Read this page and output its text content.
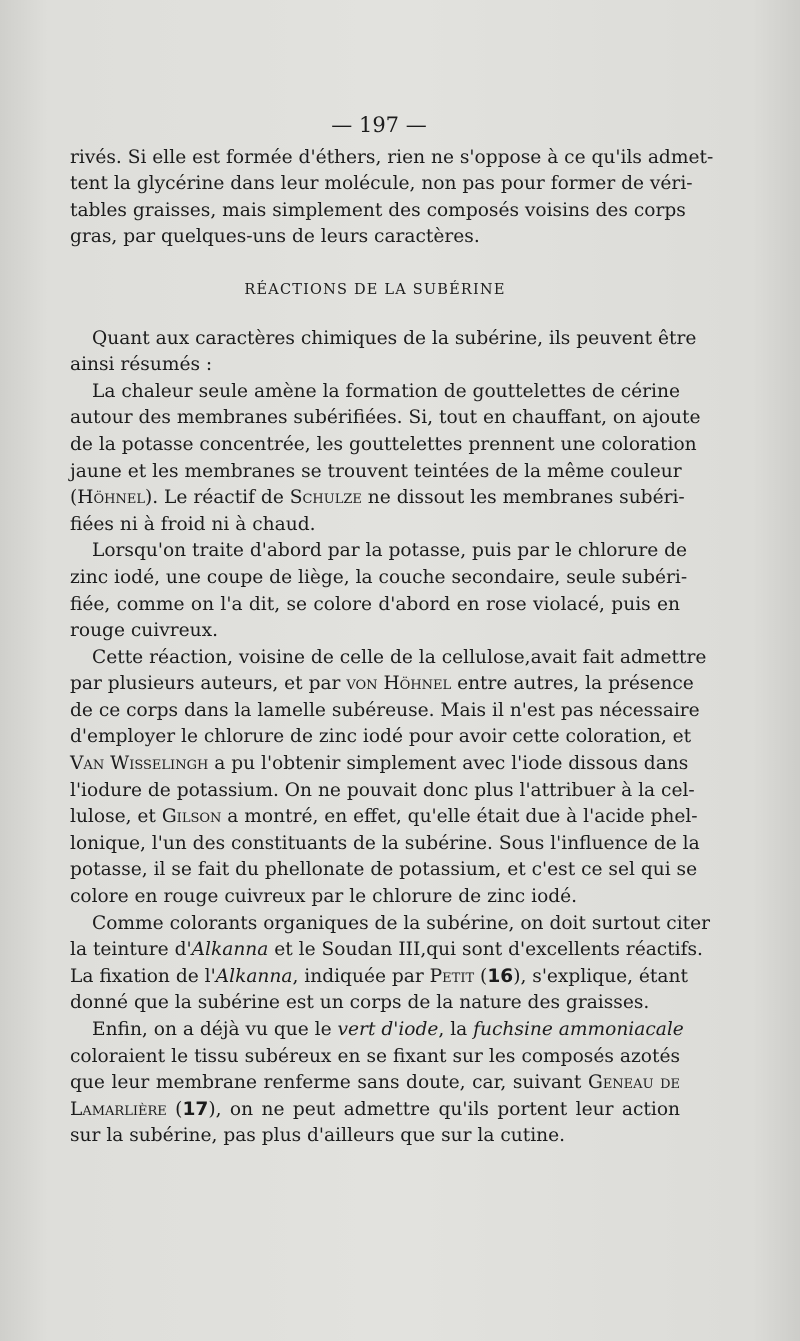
— 197 —
rivés. Si elle est formée d'éthers, rien ne s'oppose à ce qu'ils admet-
tent la glycérine dans leur molécule, non pas pour former de véri-
tables graisses, mais simplement des composés voisins des corps
gras, par quelques-uns de leurs caractères.
RÉACTIONS DE LA SUBÉRINE
Quant aux caractères chimiques de la subérine, ils peuvent être
ainsi résumés :
La chaleur seule amène la formation de gouttelettes de cérine
autour des membranes subérifiées. Si, tout en chauffant, on ajoute
de la potasse concentrée, les gouttelettes prennent une coloration
jaune et les membranes se trouvent teintées de la même couleur
(Höhnel). Le réactif de Schulze ne dissout les membranes subéri-
fiées ni à froid ni à chaud.
Lorsqu'on traite d'abord par la potasse, puis par le chlorure de
zinc iodé, une coupe de liège, la couche secondaire, seule subéri-
fiée, comme on l'a dit, se colore d'abord en rose violacé, puis en
rouge cuivreux.
Cette réaction, voisine de celle de la cellulose,avait fait admettre
par plusieurs auteurs, et par von Höhnel entre autres, la présence
de ce corps dans la lamelle subéreuse. Mais il n'est pas nécessaire
d'employer le chlorure de zinc iodé pour avoir cette coloration, et
Van Wisselingh a pu l'obtenir simplement avec l'iode dissous dans
l'iodure de potassium. On ne pouvait donc plus l'attribuer à la cel-
lulose, et Gilson a montré, en effet, qu'elle était due à l'acide phel-
lonique, l'un des constituants de la subérine. Sous l'influence de la
potasse, il se fait du phellonate de potassium, et c'est ce sel qui se
colore en rouge cuivreux par le chlorure de zinc iodé.
Comme colorants organiques de la subérine, on doit surtout citer
la teinture d'Alkanna et le Soudan III,qui sont d'excellents réactifs.
La fixation de l'Alkanna, indiquée par Petit (16), s'explique, étant
donné que la subérine est un corps de la nature des graisses.
Enfin, on a déjà vu que le vert d'iode, la fuchsine ammoniacale
coloraient le tissu subéreux en se fixant sur les composés azotés
que leur membrane renferme sans doute, car, suivant Geneau de
Lamarlière (17), on ne peut admettre qu'ils portent leur action
sur la subérine, pas plus d'ailleurs que sur la cutine.
